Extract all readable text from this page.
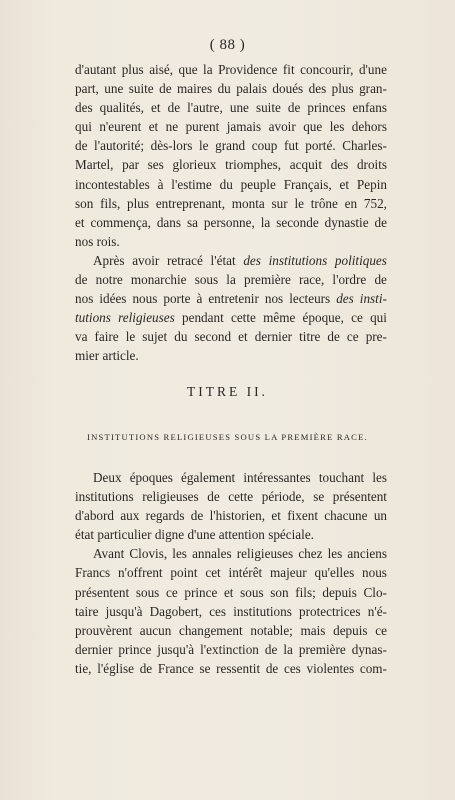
( 88 )
d'autant plus aisé, que la Providence fit concourir, d'une
part, une suite de maires du palais doués des plus gran-
des qualités, et de l'autre, une suite de princes enfans
qui n'eurent et ne purent jamais avoir que les dehors
de l'autorité; dès-lors le grand coup fut porté. Charles-
Martel, par ses glorieux triomphes, acquit des droits
incontestables à l'estime du peuple Français, et Pepin
son fils, plus entreprenant, monta sur le trône en 752,
et commença, dans sa personne, la seconde dynastie de
nos
rois.
Après avoir retracé l'état des institutions politiques
de notre monarchie sous la première race, l'ordre de
nos idées nous porte à entretenir nos lecteurs des insti-
tutions religieuses pendant cette même époque, ce qui
va faire le sujet du second et dernier titre de ce pre-
mier
article.
TITRE II.
INSTITUTIONS RELIGIEUSES SOUS LA PREMIÈRE RACE.
Deux époques également intéressantes touchant les
institutions religieuses de cette période, se présentent
d'abord aux regards de l'historien, et fixent chacune un
état
particulier
digne
d'une
attention
spéciale.
Avant Clovis, les annales religieuses chez les anciens
Francs n'offrent point cet intérêt majeur qu'elles nous
présentent sous ce prince et sous son fils; depuis Clo-
taire jusqu'à Dagobert, ces institutions protectrices n'é-
prouvèrent aucun changement notable; mais depuis ce
dernier prince jusqu'à l'extinction de la première dynas-
tie, l'église de France se ressentit de ces violentes com-
